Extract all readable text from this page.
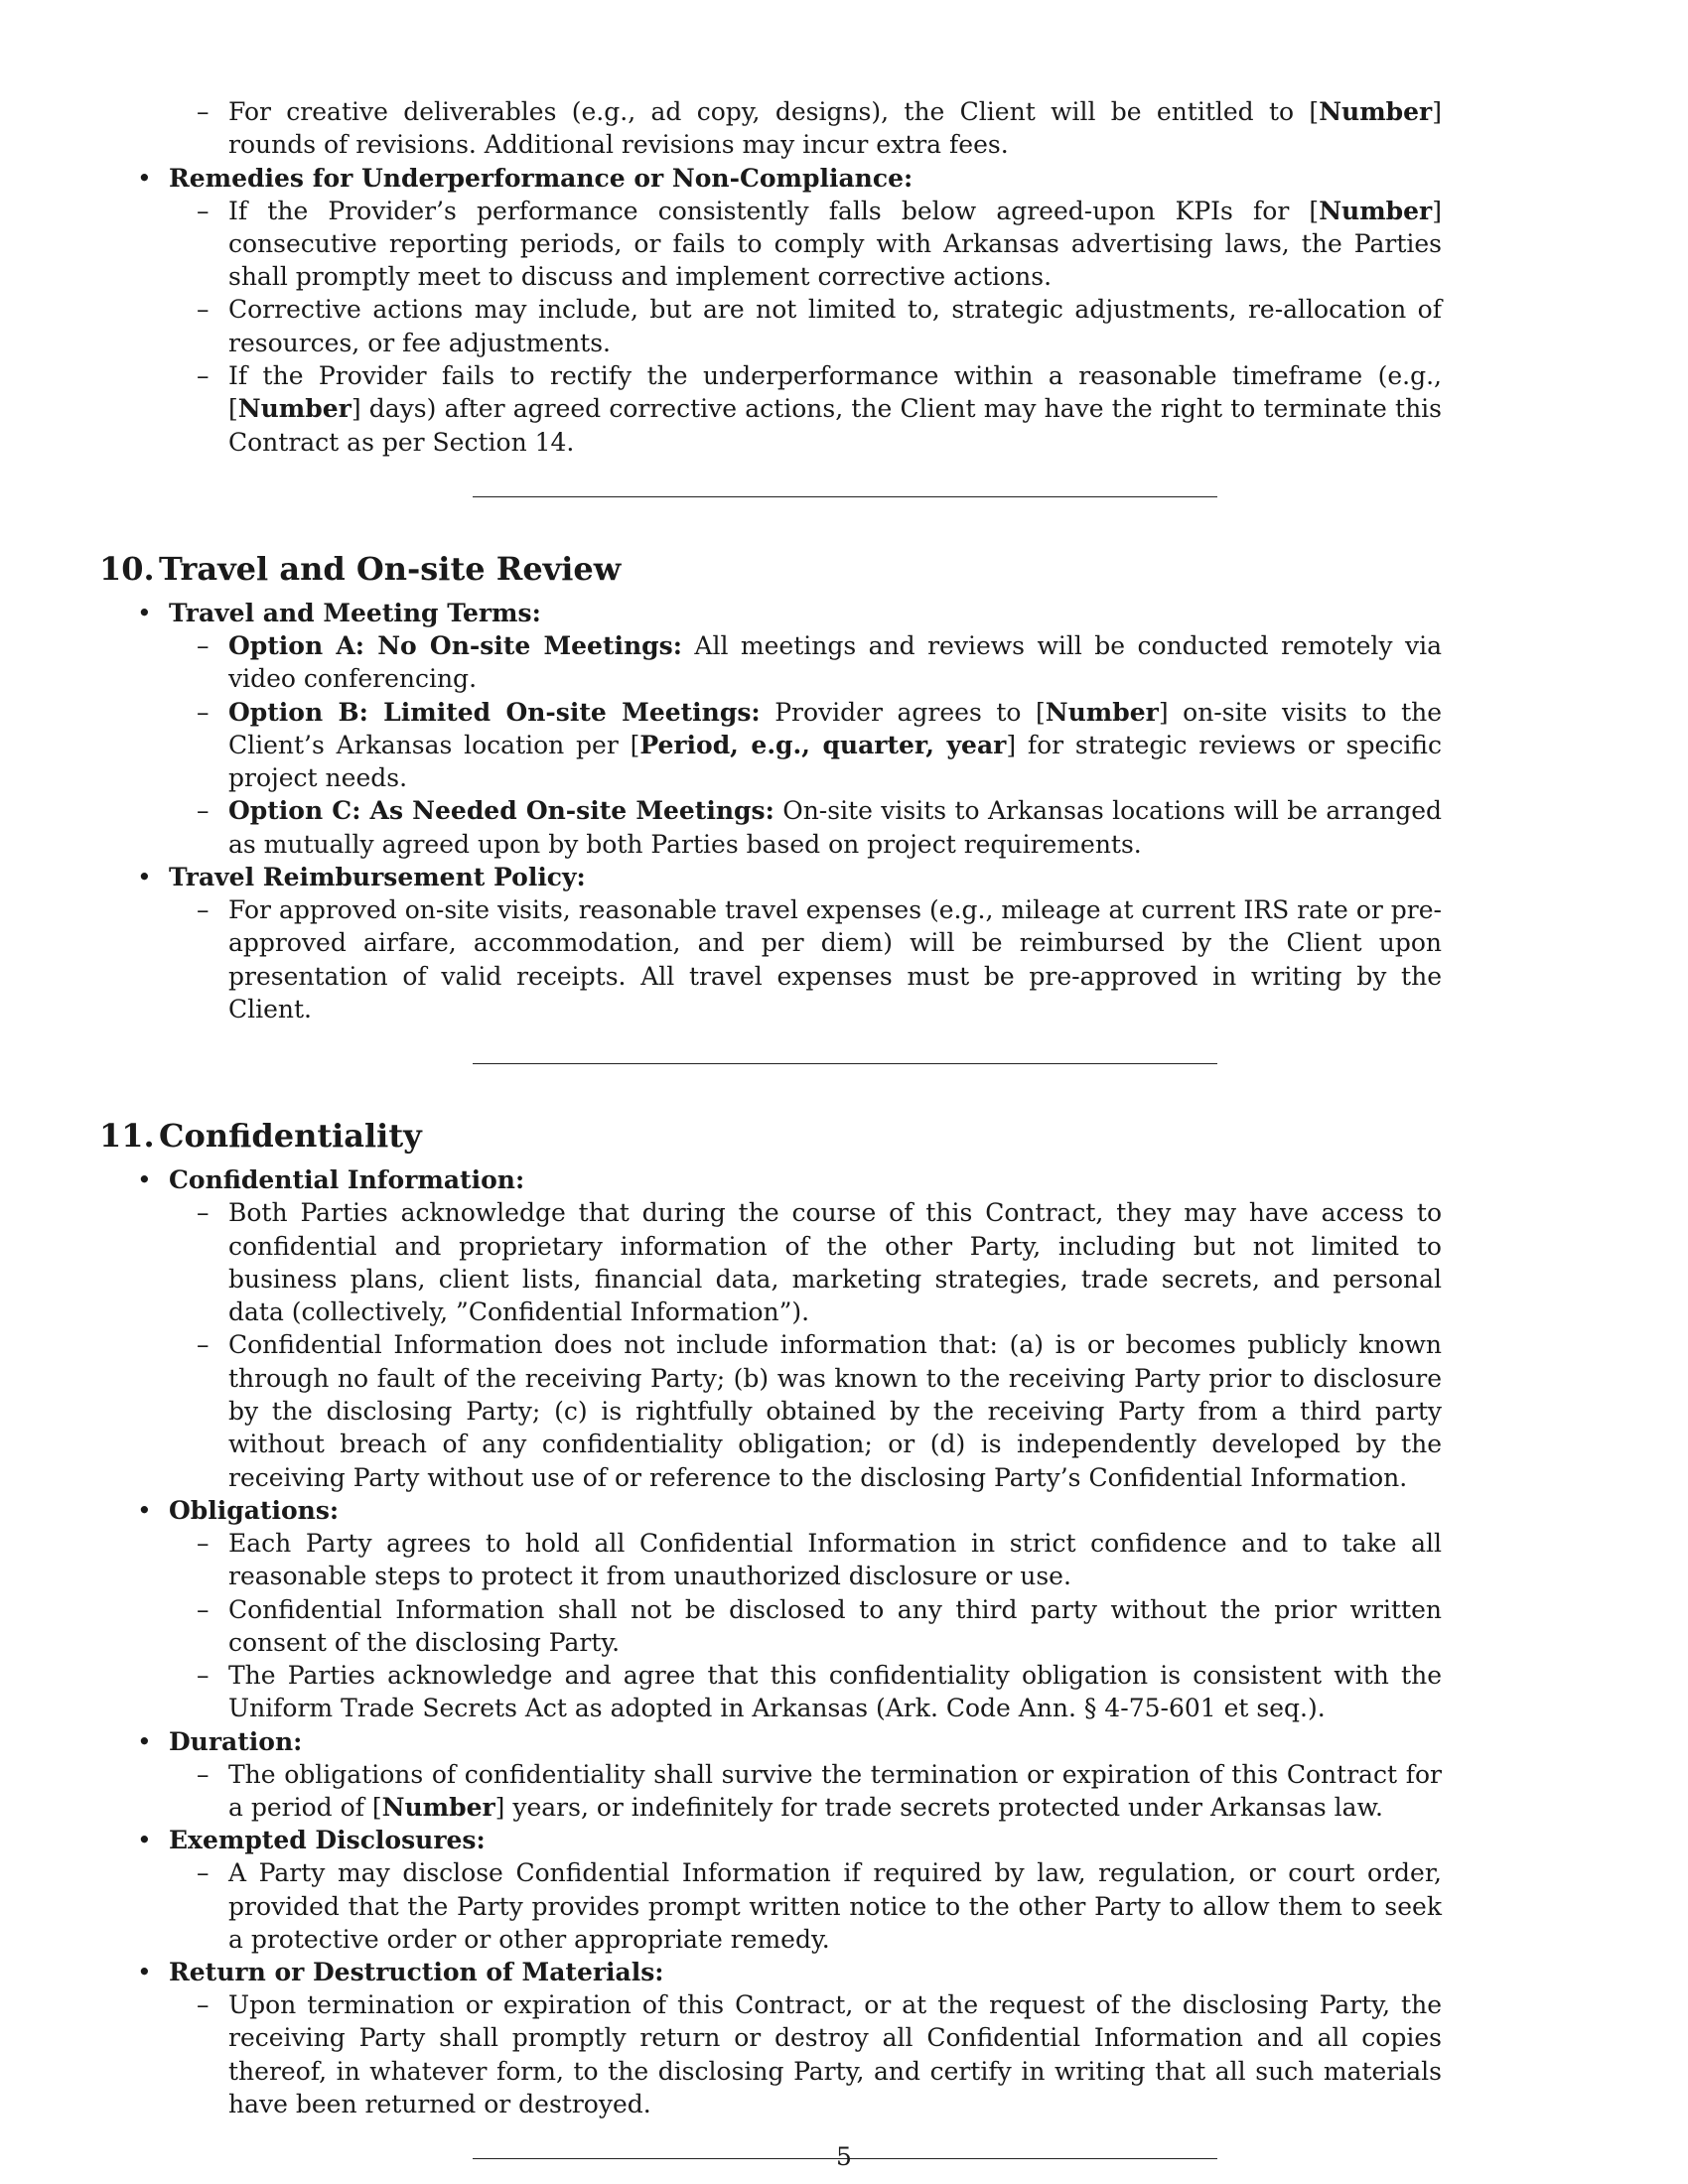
– For creative deliverables (e.g., ad copy, designs), the Client will be entitled to [Number] rounds of revisions. Additional revisions may incur extra fees.

• Remedies for Underperformance or Non-Compliance:

– If the Provider’s performance consistently falls below agreed-upon KPIs for [Number] consecutive reporting periods, or fails to comply with Arkansas advertising laws, the Parties shall promptly meet to discuss and implement corrective actions.

– Corrective actions may include, but are not limited to, strategic adjustments, re-allocation of resources, or fee adjustments.

– If the Provider fails to rectify the underperformance within a reasonable timeframe (e.g., [Number] days) after agreed corrective actions, the Client may have the right to terminate this Contract as per Section 14.

10. Travel and On-site Review

• Travel and Meeting Terms:

– Option A: No On-site Meetings: All meetings and reviews will be conducted remotely via video conferencing.

– Option B: Limited On-site Meetings: Provider agrees to [Number] on-site visits to the Client’s Arkansas location per [Period, e.g., quarter, year] for strategic reviews or specific project needs.

– Option C: As Needed On-site Meetings: On-site visits to Arkansas locations will be arranged as mutually agreed upon by both Parties based on project requirements.

• Travel Reimbursement Policy:

– For approved on-site visits, reasonable travel expenses (e.g., mileage at current IRS rate or pre-approved airfare, accommodation, and per diem) will be reimbursed by the Client upon presentation of valid receipts. All travel expenses must be pre-approved in writing by the Client.

11. Confidentiality

• Confidential Information:

– Both Parties acknowledge that during the course of this Contract, they may have access to confidential and proprietary information of the other Party, including but not limited to business plans, client lists, financial data, marketing strategies, trade secrets, and personal data (collectively, ”Confidential Information”).

– Confidential Information does not include information that: (a) is or becomes publicly known through no fault of the receiving Party; (b) was known to the receiving Party prior to disclosure by the disclosing Party; (c) is rightfully obtained by the receiving Party from a third party without breach of any confidentiality obligation; or (d) is independently developed by the receiving Party without use of or reference to the disclosing Party’s Confidential Information.

• Obligations:

– Each Party agrees to hold all Confidential Information in strict confidence and to take all reasonable steps to protect it from unauthorized disclosure or use.

– Confidential Information shall not be disclosed to any third party without the prior written consent of the disclosing Party.

– The Parties acknowledge and agree that this confidentiality obligation is consistent with the Uniform Trade Secrets Act as adopted in Arkansas (Ark. Code Ann. § 4-75-601 et seq.).

• Duration:

– The obligations of confidentiality shall survive the termination or expiration of this Contract for a period of [Number] years, or indefinitely for trade secrets protected under Arkansas law.

• Exempted Disclosures:

– A Party may disclose Confidential Information if required by law, regulation, or court order, provided that the Party provides prompt written notice to the other Party to allow them to seek a protective order or other appropriate remedy.

• Return or Destruction of Materials:

– Upon termination or expiration of this Contract, or at the request of the disclosing Party, the receiving Party shall promptly return or destroy all Confidential Information and all copies thereof, in whatever form, to the disclosing Party, and certify in writing that all such materials have been returned or destroyed.

5
